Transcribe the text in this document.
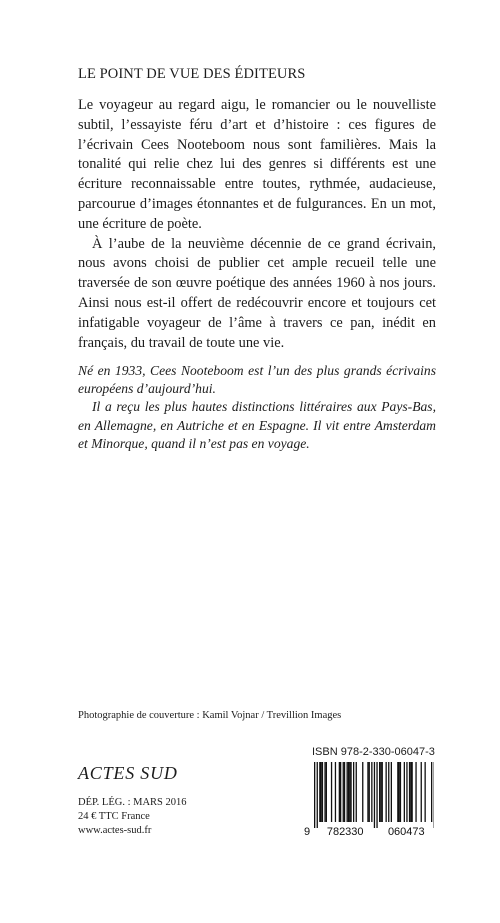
LE POINT DE VUE DES ÉDITEURS

Le voyageur au regard aigu, le romancier ou le nouvelliste subtil, l’essayiste féru d’art et d’histoire : ces figures de l’écrivain Cees Nooteboom nous sont familières. Mais la tonalité qui relie chez lui des genres si différents est une écriture reconnaissable entre toutes, rythmée, audacieuse, parcourue d’images étonnantes et de fulgurances. En un mot, une écriture de poète.

À l’aube de la neuvième décennie de ce grand écrivain, nous avons choisi de publier cet ample recueil telle une traversée de son œuvre poétique des années 1960 à nos jours. Ainsi nous est-il offert de redécouvrir encore et toujours cet infatigable voyageur de l’âme à travers ce pan, inédit en français, du travail de toute une vie.

Né en 1933, Cees Nooteboom est l’un des plus grands écrivains européens d’aujourd’hui.

Il a reçu les plus hautes distinctions littéraires aux Pays-Bas, en Allemagne, en Autriche et en Espagne. Il vit entre Amsterdam et Minorque, quand il n’est pas en voyage.

Photographie de couverture : Kamil Vojnar / Trevillion Images
ACTES SUD
DÉP. LÉG. : MARS 2016
24 € TTC France
www.actes-sud.fr
ISBN 978-2-330-06047-3
9 782330 060473
